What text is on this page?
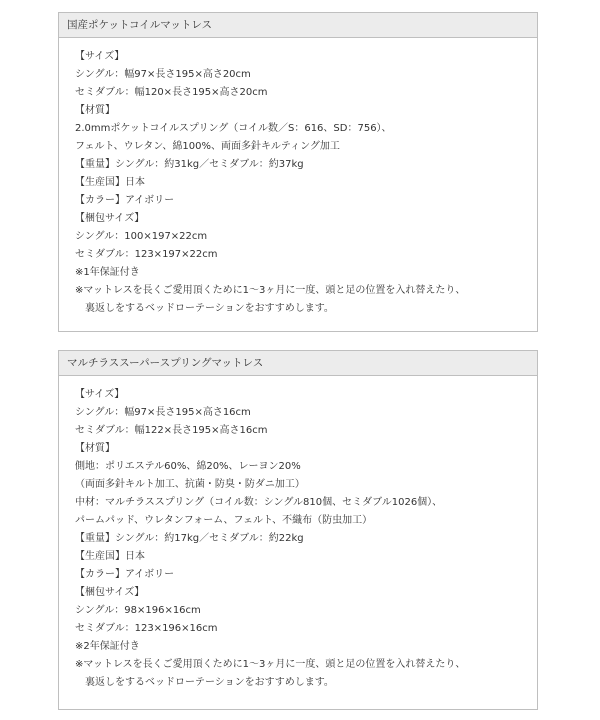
国産ポケットコイルマットレス
【サイズ】
シングル：幅97×長さ195×高さ20cm
セミダブル：幅120×長さ195×高さ20cm
【材質】
2.0mmポケットコイルスプリング（コイル数／S：616、SD：756）、
フェルト、ウレタン、綿100%、両面多針キルティング加工
【重量】シングル：約31kg／セミダブル：約37kg
【生産国】日本
【カラー】アイボリー
【梱包サイズ】
シングル：100×197×22cm
セミダブル：123×197×22cm
※1年保証付き
※マットレスを長くご愛用頂くために1〜3ヶ月に一度、頭と足の位置を入れ替えたり、
裏返しをするベッドローテーションをおすすめします。
マルチラススーパースプリングマットレス
【サイズ】
シングル：幅97×長さ195×高さ16cm
セミダブル：幅122×長さ195×高さ16cm
【材質】
側地：ポリエステル60%、綿20%、レーヨン20%
（両面多針キルト加工、抗菌・防臭・防ダニ加工）
中材：マルチラススプリング（コイル数：シングル810個、セミダブル1026個）、
パームパッド、ウレタンフォーム、フェルト、不織布（防虫加工）
【重量】シングル：約17kg／セミダブル：約22kg
【生産国】日本
【カラー】アイボリー
【梱包サイズ】
シングル：98×196×16cm
セミダブル：123×196×16cm
※2年保証付き
※マットレスを長くご愛用頂くために1〜3ヶ月に一度、頭と足の位置を入れ替えたり、
裏返しをするベッドローテーションをおすすめします。
